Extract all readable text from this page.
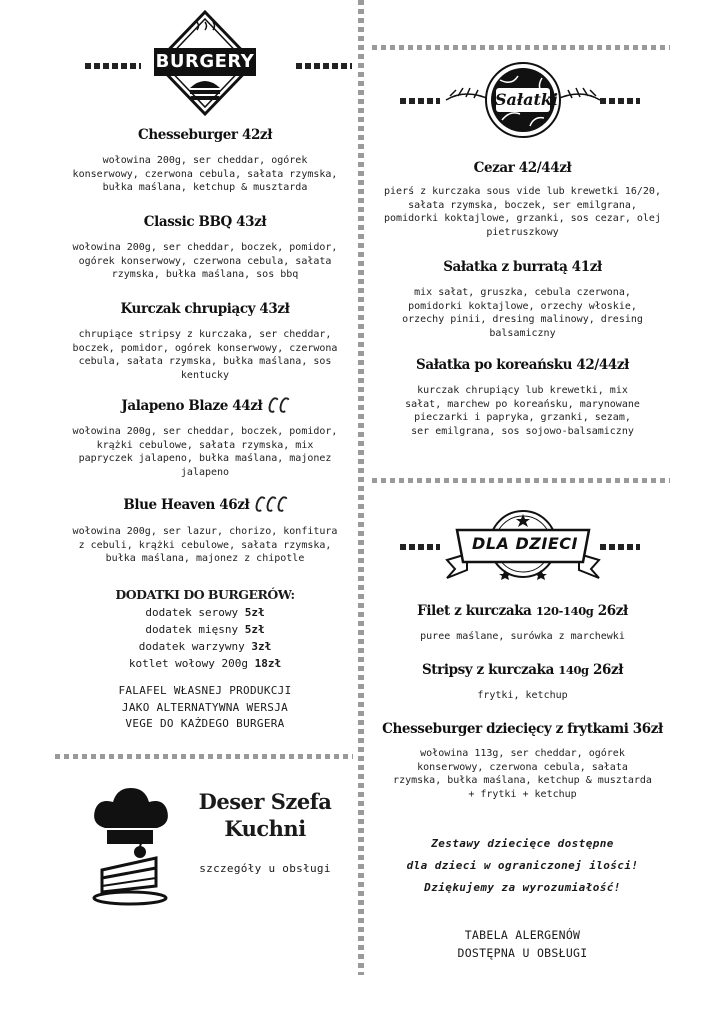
BURGERY
Chesseburger 42zł
wołowina 200g, ser cheddar, ogórek konserwowy, czerwona cebula, sałata rzymska, bułka maślana, ketchup & musztarda
Classic BBQ 43zł
wołowina 200g, ser cheddar, boczek, pomidor, ogórek konserwowy, czerwona cebula, sałata rzymska, bułka maślana, sos bbq
Kurczak chrupiący 43zł
chrupiące stripsy z kurczaka, ser cheddar, boczek, pomidor, ogórek konserwowy, czerwona cebula, sałata rzymska, bułka maślana, sos kentucky
Jalapeno Blaze 44zł
wołowina 200g, ser cheddar, boczek, pomidor, krążki cebulowe, sałata rzymska, mix papryczek jalapeno, bułka maślana, majonez jalapeno
Blue Heaven 46zł
wołowina 200g, ser lazur, chorizo, konfitura z cebuli, krążki cebulowe, sałata rzymska, bułka maślana, majonez z chipotle
DODATKI DO BURGERÓW:
dodatek serowy 5zł
dodatek mięsny 5zł
dodatek warzywny 3zł
kotlet wołowy 200g 18zł
FALAFEL WŁASNEJ PRODUKCJI
JAKO ALTERNATYWNA WERSJA
VEGE DO KAŻDEGO BURGERA
Deser Szefa
Kuchni
szczegóły u obsługi
Sałatki
Cezar 42/44zł
pierś z kurczaka sous vide lub krewetki 16/20, sałata rzymska, boczek, ser emilgrana, pomidorki koktajlowe, grzanki, sos cezar, olej pietruszkowy
Sałatka z burratą 41zł
mix sałat, gruszka, cebula czerwona, pomidorki koktajlowe, orzechy włoskie, orzechy pinii, dresing malinowy, dresing balsamiczny
Sałatka po koreańsku 42/44zł
kurczak chrupiący lub krewetki, mix sałat, marchew po koreańsku, marynowane pieczarki i papryka, grzanki, sezam, ser emilgrana, sos sojowo-balsamiczny
DLA DZIECI
Filet z kurczaka 120-140g 26zł
puree maślane, surówka z marchewki
Stripsy z kurczaka 140g 26zł
frytki, ketchup
Chesseburger dziecięcy z frytkami 36zł
wołowina 113g, ser cheddar, ogórek konserwowy, czerwona cebula, sałata rzymska, bułka maślana, ketchup & musztarda + frytki + ketchup
Zestawy dziecięce dostępne
dla dzieci w ograniczonej ilości!
Dziękujemy za wyrozumiałość!
TABELA ALERGENÓW
DOSTĘPNA U OBSŁUGI
